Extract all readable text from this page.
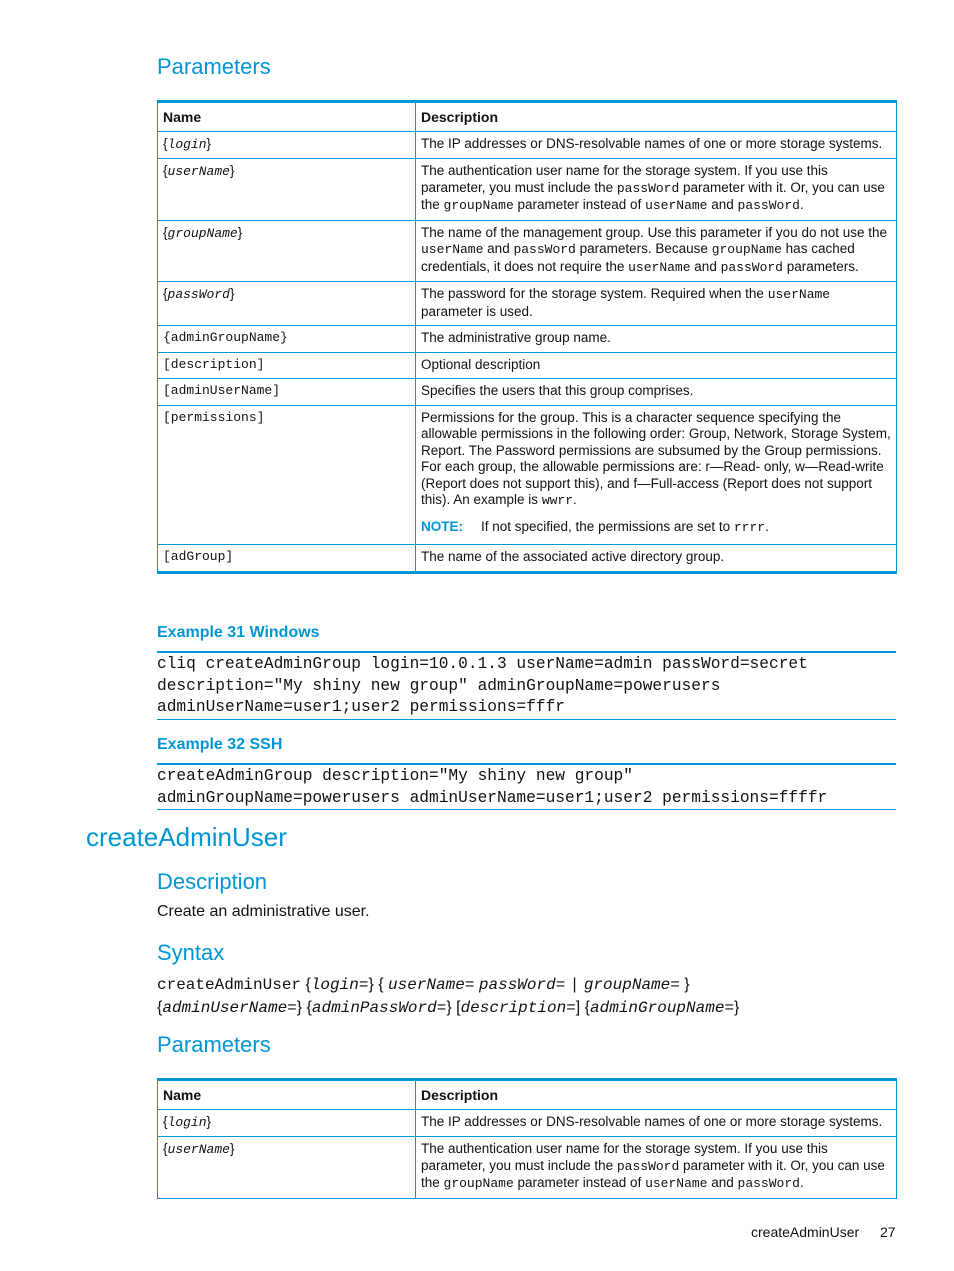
Parameters
Name	Description
{login}	The IP addresses or DNS-resolvable names of one or more storage systems.
{userName}	The authentication user name for the storage system. If you use this parameter, you must include the passWord parameter with it. Or, you can use the groupName parameter instead of userName and passWord.
{groupName}	The name of the management group. Use this parameter if you do not use the userName and passWord parameters. Because groupName has cached credentials, it does not require the userName and passWord parameters.
{passWord}	The password for the storage system. Required when the userName parameter is used.
{adminGroupName}	The administrative group name.
[description]	Optional description
[adminUserName]	Specifies the users that this group comprises.
[permissions]	Permissions for the group. This is a character sequence specifying the allowable permissions in the following order: Group, Network, Storage System, Report. The Password permissions are subsumed by the Group permissions. For each group, the allowable permissions are: r—Read- only, w—Read-write (Report does not support this), and f—Full-access (Report does not support this). An example is wwrr.
NOTE: If not specified, the permissions are set to rrrr.

[adGroup]	The name of the associated active directory group.
Example 31 Windows
cliq createAdminGroup login=10.0.1.3 userName=admin passWord=secret
description="My shiny new group" adminGroupName=powerusers
adminUserName=user1;user2 permissions=fffr
Example 32 SSH
createAdminGroup description="My shiny new group"
adminGroupName=powerusers adminUserName=user1;user2 permissions=ffffr
createAdminUser
Description
Create an administrative user.
Syntax
createAdminUser {login=} { userName= passWord= | groupName= }
{adminUserName=} {adminPassWord=} [description=] {adminGroupName=}
Parameters
Name	Description
{login}	The IP addresses or DNS-resolvable names of one or more storage systems.
{userName}	The authentication user name for the storage system. If you use this parameter, you must include the passWord parameter with it. Or, you can use the groupName parameter instead of userName and passWord.
createAdminUser 27
